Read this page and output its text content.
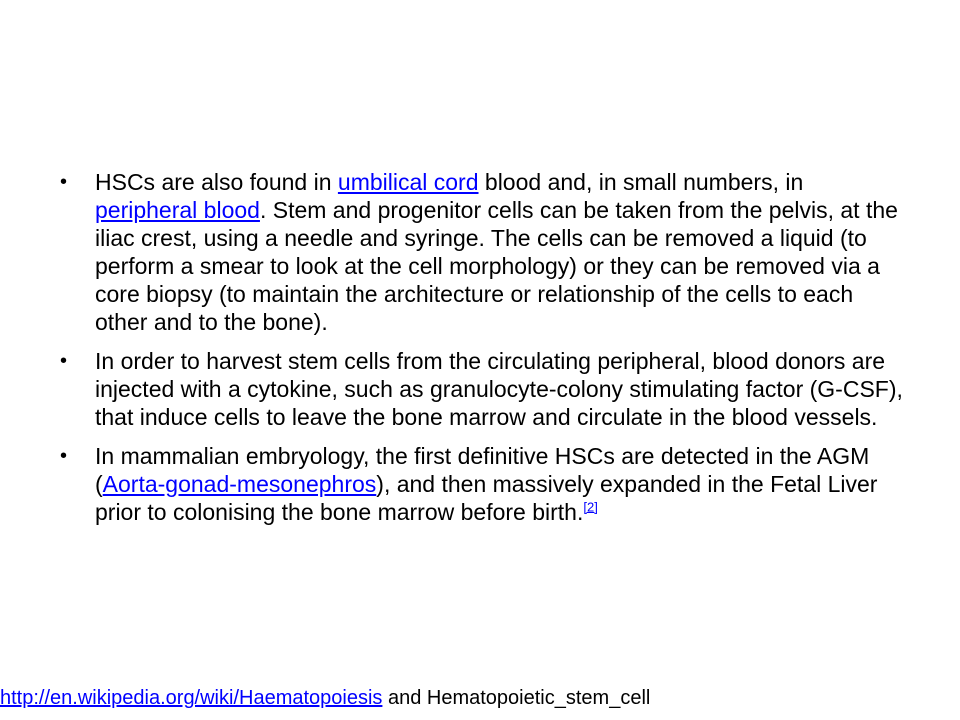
• HSCs are also found in umbilical cord blood and, in small numbers, in peripheral blood. Stem and progenitor cells can be taken from the pelvis, at the iliac crest, using a needle and syringe. The cells can be removed a liquid (to perform a smear to look at the cell morphology) or they can be removed via a core biopsy (to maintain the architecture or relationship of the cells to each other and to the bone).
• In order to harvest stem cells from the circulating peripheral, blood donors are injected with a cytokine, such as granulocyte-colony stimulating factor (G-CSF), that induce cells to leave the bone marrow and circulate in the blood vessels.
• In mammalian embryology, the first definitive HSCs are detected in the AGM (Aorta-gonad-mesonephros), and then massively expanded in the Fetal Liver prior to colonising the bone marrow before birth.[2]
http://en.wikipedia.org/wiki/Haematopoiesis and Hematopoietic_stem_cell
